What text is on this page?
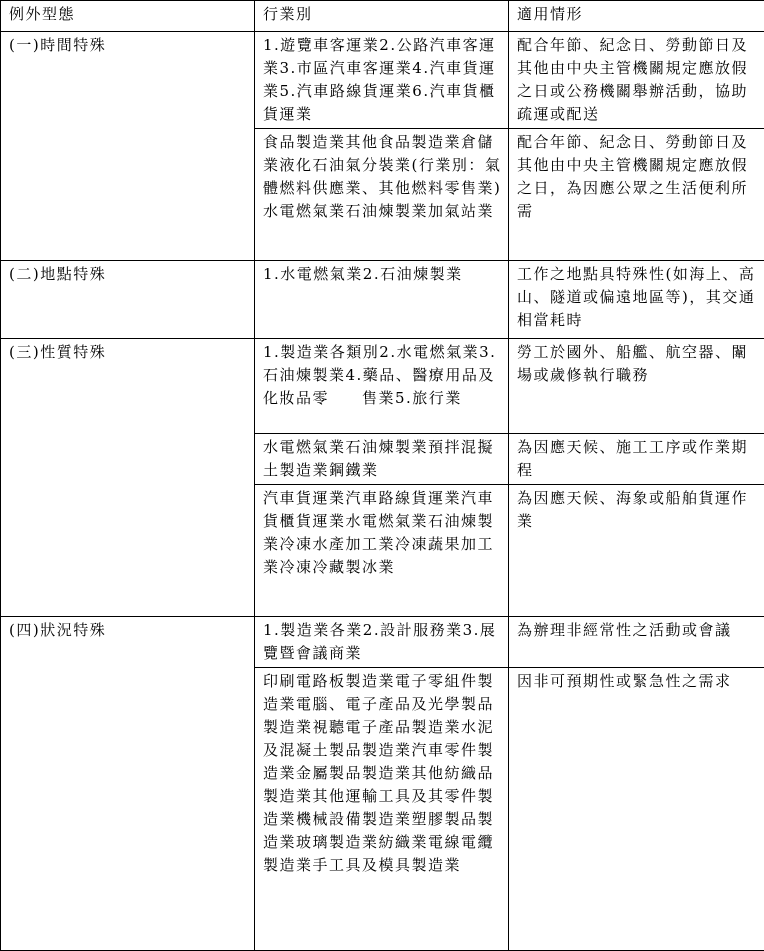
例外型態	行業別	適用情形
(一)時間特殊	1.遊覽車客運業2.公路汽車客運業3.市區汽車客運業4.汽車貨運業5.汽車路線貨運業6.汽車貨櫃貨運業	配合年節、紀念日、勞動節日及其他由中央主管機關規定應放假之日或公務機關舉辦活動，協助疏運或配送
	食品製造業其他食品製造業倉儲業液化石油氣分裝業(行業別：氣體燃料供應業、其他燃料零售業)水電燃氣業石油煉製業加氣站業	配合年節、紀念日、勞動節日及其他由中央主管機關規定應放假之日，為因應公眾之生活便利所需
(二)地點特殊	1.水電燃氣業2.石油煉製業	工作之地點具特殊性(如海上、高山、隧道或偏遠地區等)，其交通相當耗時
(三)性質特殊	1.製造業各類別2.水電燃氣業3.石油煉製業4.藥品、醫療用品及化妝品零　　售業5.旅行業	勞工於國外、船艦、航空器、闈場或歲修執行職務
	水電燃氣業石油煉製業預拌混擬土製造業鋼鐵業	為因應天候、施工工序或作業期程
	汽車貨運業汽車路線貨運業汽車貨櫃貨運業水電燃氣業石油煉製業冷凍水產加工業冷凍蔬果加工業冷凍冷藏製冰業	為因應天候、海象或船舶貨運作業
(四)狀況特殊	1.製造業各業2.設計服務業3.展覽暨會議商業	為辦理非經常性之活動或會議
	印刷電路板製造業電子零組件製造業電腦、電子產品及光學製品製造業視聽電子產品製造業水泥及混凝土製品製造業汽車零件製造業金屬製品製造業其他紡織品製造業其他運輸工具及其零件製造業機械設備製造業塑膠製品製造業玻璃製造業紡織業電線電纜製造業手工具及模具製造業	因非可預期性或緊急性之需求
